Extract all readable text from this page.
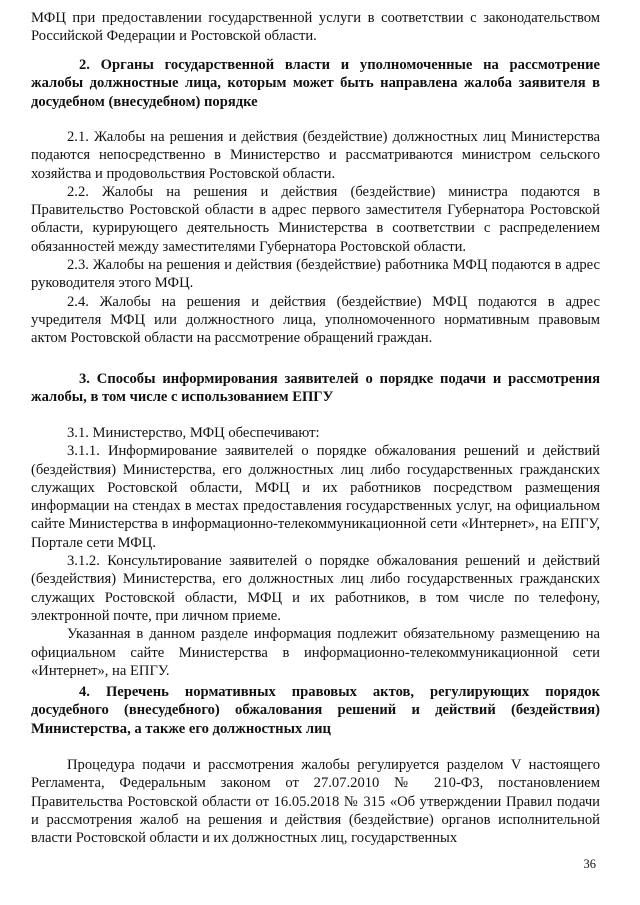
МФЦ при предоставлении государственной услуги в соответствии с законодательством Российской Федерации и Ростовской области.

2. Органы государственной власти и уполномоченные на рассмотрение жалобы должностные лица, которым может быть направлена жалоба заявителя в досудебном (внесудебном) порядке

2.1. Жалобы на решения и действия (бездействие) должностных лиц Министерства подаются непосредственно в Министерство и рассматриваются министром сельского хозяйства и продовольствия Ростовской области.

2.2. Жалобы на решения и действия (бездействие) министра подаются в Правительство Ростовской области в адрес первого заместителя Губернатора Ростовской области, курирующего деятельность Министерства в соответствии с распределением обязанностей между заместителями Губернатора Ростовской области.

2.3. Жалобы на решения и действия (бездействие) работника МФЦ подаются в адрес руководителя этого МФЦ.

2.4. Жалобы на решения и действия (бездействие) МФЦ подаются в адрес учредителя МФЦ или должностного лица, уполномоченного нормативным правовым актом Ростовской области на рассмотрение обращений граждан.

3. Способы информирования заявителей о порядке подачи и рассмотрения жалобы, в том числе с использованием ЕПГУ

3.1. Министерство, МФЦ обеспечивают:

3.1.1. Информирование заявителей о порядке обжалования решений и действий (бездействия) Министерства, его должностных лиц либо государственных гражданских служащих Ростовской области, МФЦ и их работников посредством размещения информации на стендах в местах предоставления государственных услуг, на официальном сайте Министерства в информационно-телекоммуникационной сети «Интернет», на ЕПГУ, Портале сети МФЦ.

3.1.2. Консультирование заявителей о порядке обжалования решений и действий (бездействия) Министерства, его должностных лиц либо государственных гражданских служащих Ростовской области, МФЦ и их работников, в том числе по телефону, электронной почте, при личном приеме.

Указанная в данном разделе информация подлежит обязательному размещению на официальном сайте Министерства в информационно-телекоммуникационной сети «Интернет», на ЕПГУ.

4. Перечень нормативных правовых актов, регулирующих порядок досудебного (внесудебного) обжалования решений и действий (бездействия) Министерства, а также его должностных лиц

Процедура подачи и рассмотрения жалобы регулируется разделом V настоящего Регламента, Федеральным законом от 27.07.2010 № 210-ФЗ, постановлением Правительства Ростовской области от 16.05.2018 № 315 «Об утверждении Правил подачи и рассмотрения жалоб на решения и действия (бездействие) органов исполнительной власти Ростовской области и их должностных лиц, государственных

36
